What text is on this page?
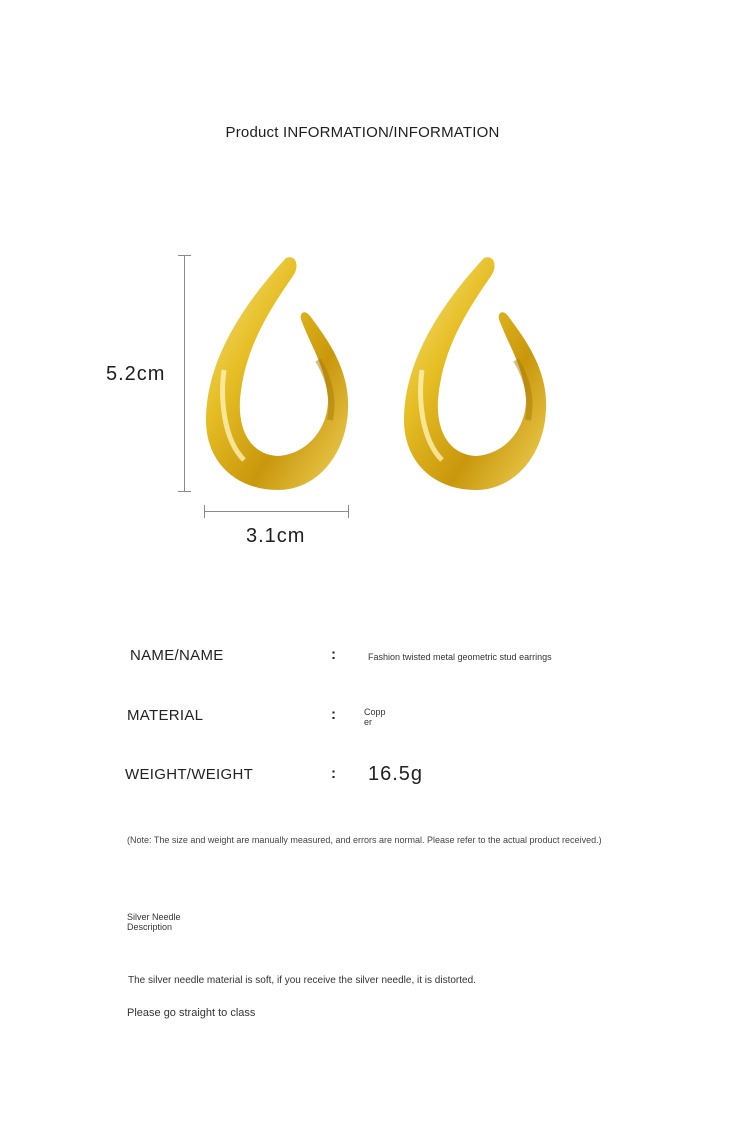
Product INFORMATION/INFORMATION
5.2cm
3.1cm
NAME/NAME	:	Fashion twisted metal geometric stud earrings
MATERIAL	:	Copp
er
WEIGHT/WEIGHT	: 16.5g
(Note: The size and weight are manually measured, and errors are normal. Please refer to the actual product received.)
Silver Needle
Description
The silver needle material is soft, if you receive the silver needle, it is distorted.
Please go straight to class
